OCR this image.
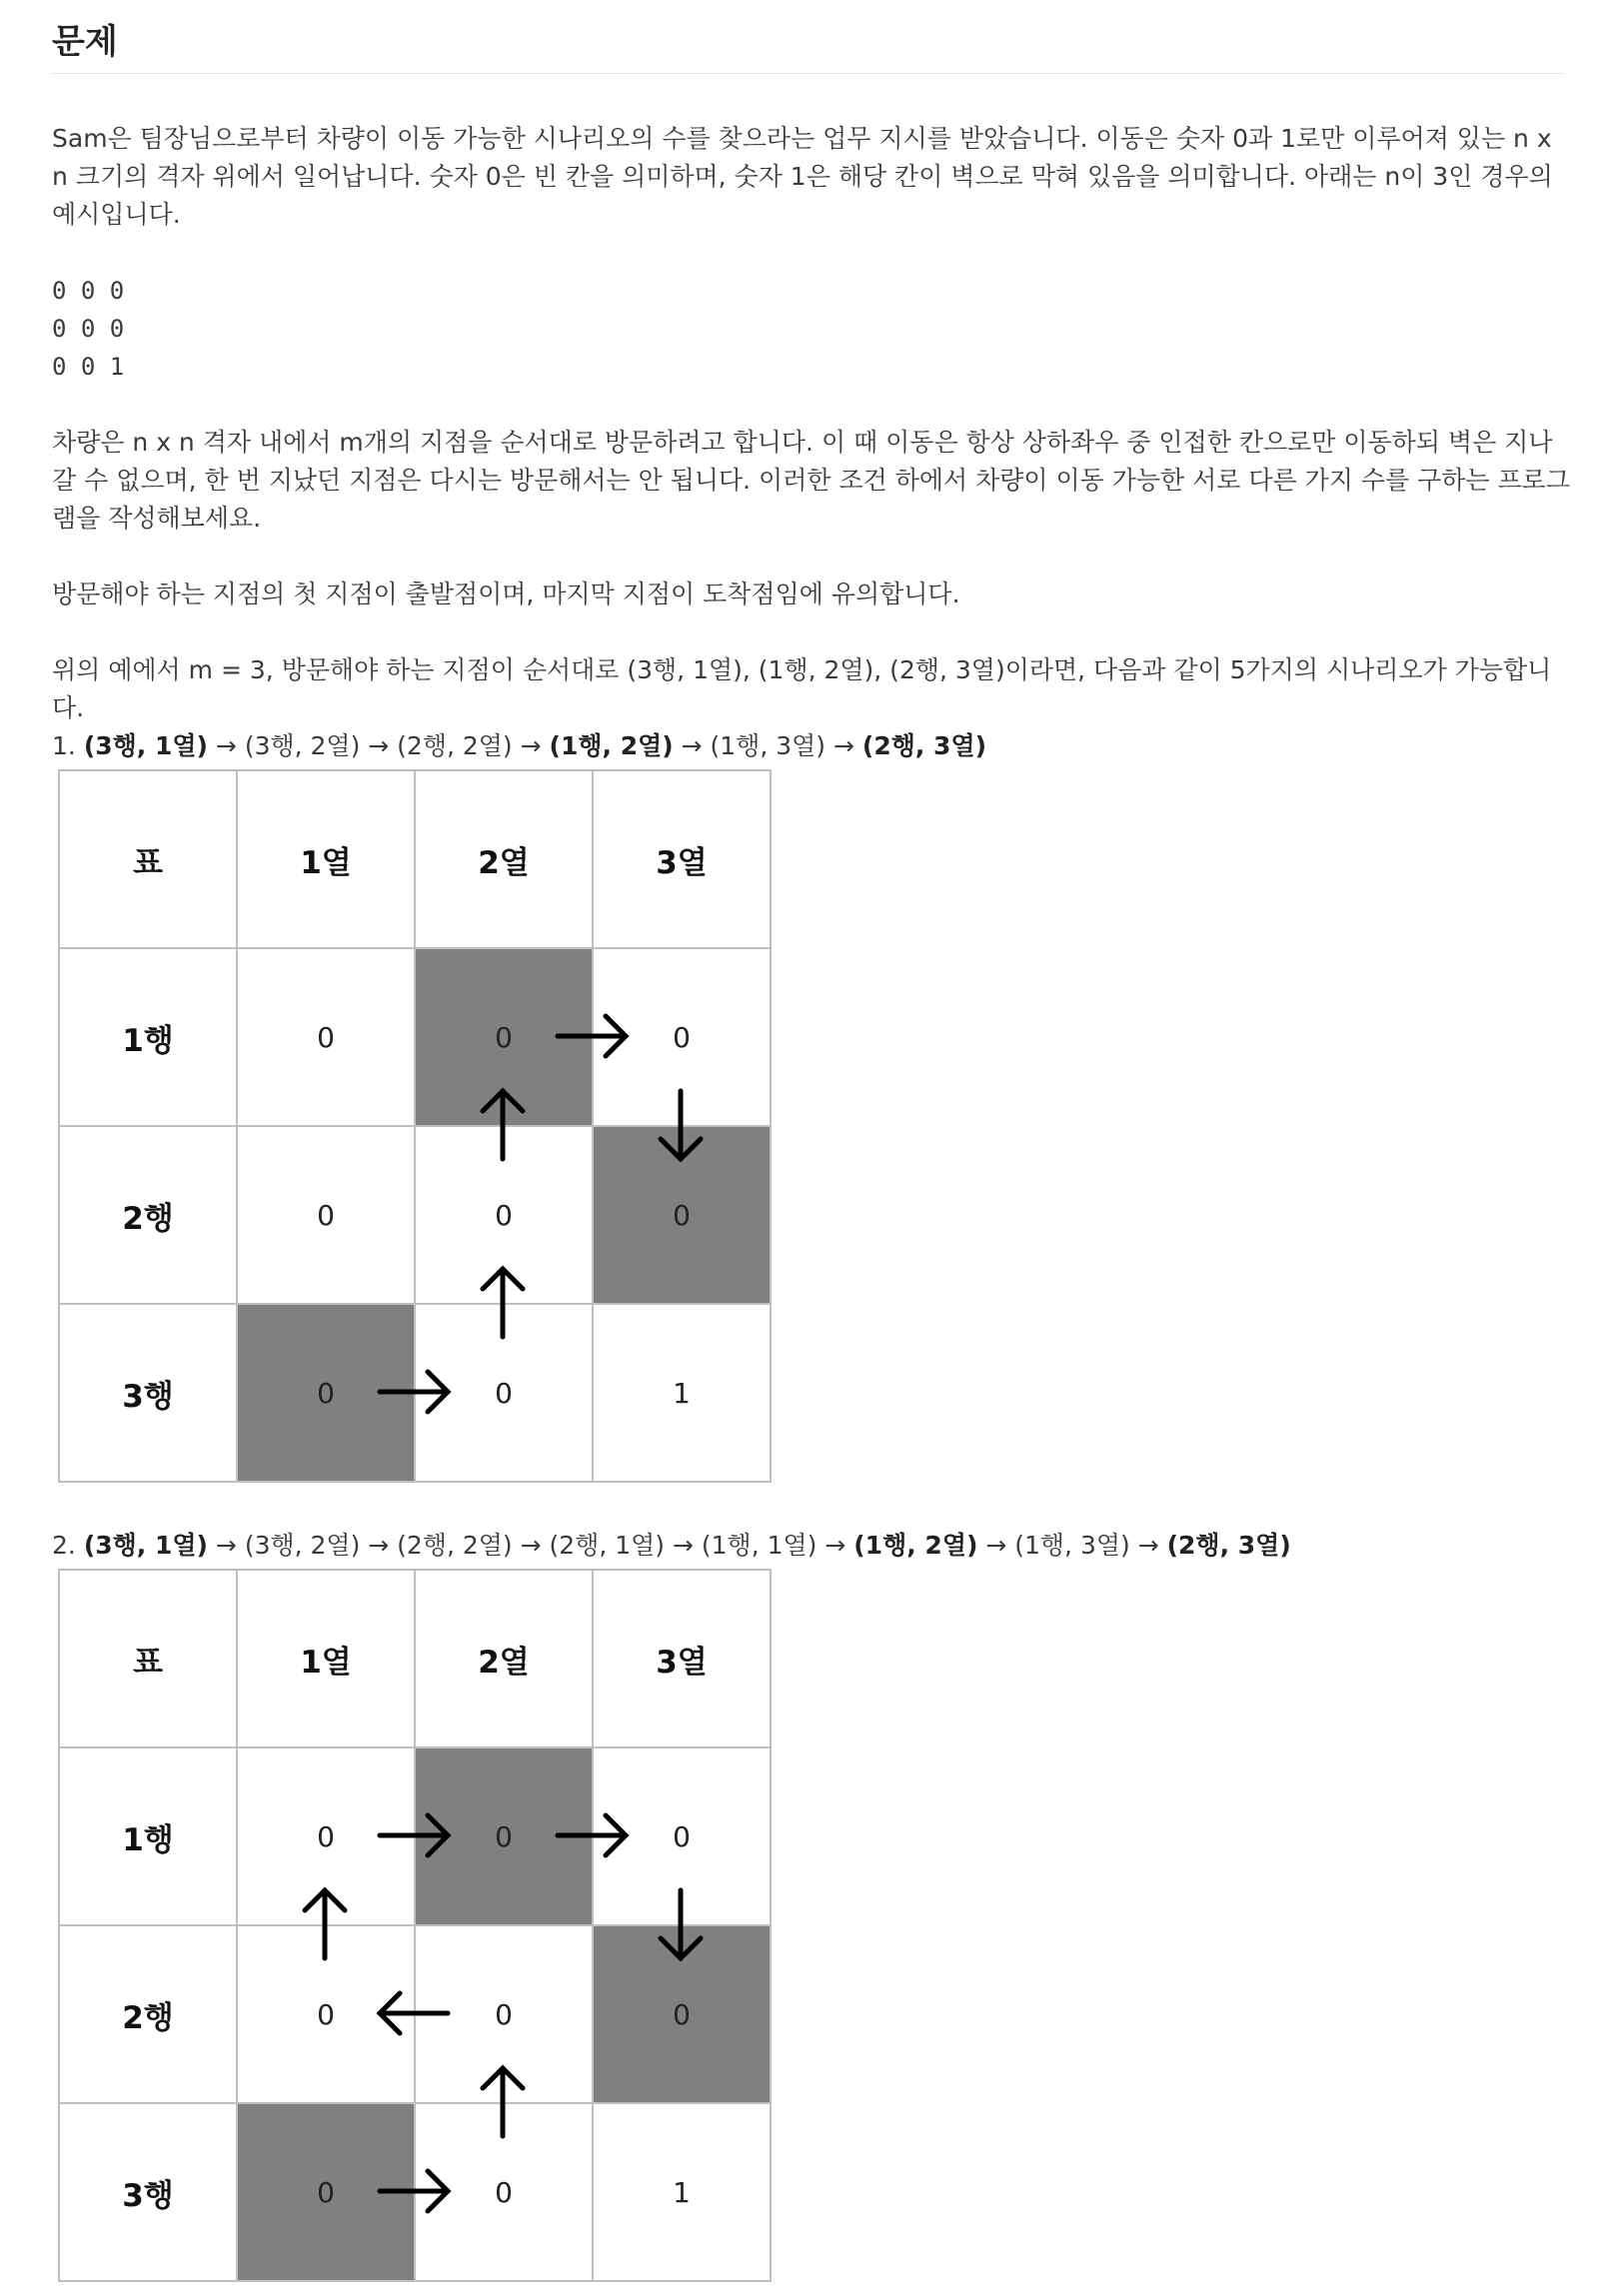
문제

Sam은 팀장님으로부터 차량이 이동 가능한 시나리오의 수를 찾으라는 업무 지시를 받았습니다. 이동은 숫자 0과 1로만 이루어져 있는 n x n 크기의 격자 위에서 일어납니다. 숫자 0은 빈 칸을 의미하며, 숫자 1은 해당 칸이 벽으로 막혀 있음을 의미합니다. 아래는 n이 3인 경우의 예시입니다.

0 0 0

0 0 0

0 0 1

차량은 n x n 격자 내에서 m개의 지점을 순서대로 방문하려고 합니다. 이 때 이동은 항상 상하좌우 중 인접한 칸으로만 이동하되 벽은 지나갈 수 없으며, 한 번 지났던 지점은 다시는 방문해서는 안 됩니다. 이러한 조건 하에서 차량이 이동 가능한 서로 다른 가지 수를 구하는 프로그램을 작성해보세요.

방문해야 하는 지점의 첫 지점이 출발점이며, 마지막 지점이 도착점임에 유의합니다.

위의 예에서 m = 3, 방문해야 하는 지점이 순서대로 (3행, 1열), (1행, 2열), (2행, 3열)이라면, 다음과 같이 5가지의 시나리오가 가능합니다.

1. (3행, 1열) → (3행, 2열) → (2행, 2열) → (1행, 2열) → (1행, 3열) → (2행, 3열)
표	1열	2열	3열
1행	0	0	0
2행	0	0	0
3행	0	0	1
2. (3행, 1열) → (3행, 2열) → (2행, 2열) → (2행, 1열) → (1행, 1열) → (1행, 2열) → (1행, 3열) → (2행, 3열)
표	1열	2열	3열
1행	0	0	0
2행	0	0	0
3행	0	0	1
